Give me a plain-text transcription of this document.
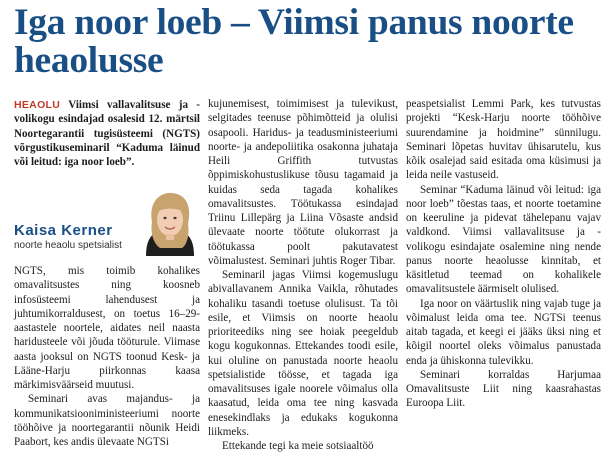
Iga noor loeb – Viimsi panus noorte heaolusse

HEAOLU Viimsi vallavalitsuse ja -volikogu esindajad osalesid 12. märtsil Noortegarantii tugisüsteemi (NGTS) võrgustikuseminaril “Kaduma läinud või leitud: iga noor loeb”.

Kaisa Kerner
noorte heaolu spetsialist

NGTS, mis toimib kohalikes omavalitsustes ning koosneb infosüsteemi lahendusest ja juhtumikorraldusest, on toetus 16–29-aastastele noortele, aidates neil naasta haridusteele või jõuda tööturule. Viimase aasta jooksul on NGTS toonud Kesk- ja Lääne-Harju piirkonnas kaasa märkimisväärseid muutusi.

Seminari avas majandus- ja kommunikatsiooniministeeriumi noorte tööhõive ja noortegarantii nõunik Heidi Paabort, kes andis ülevaate NGTSi

kujunemisest, toimimisest ja tulevikust, selgitades teenuse põhimõtteid ja olulisi osapooli. Haridus- ja teadusministeeriumi noorte- ja andepoliitika osakonna juhataja Heili Griffith tutvustas õppimiskohustuslikuse tõusu tagamaid ja kuidas seda tagada kohalikes omavalitsustes. Töötukassa esindajad Triinu Lillepärg ja Liina Võsaste andsid ülevaate noorte töötute olukorrast ja töötukassa poolt pakutavatest võimalustest. Seminari juhtis Roger Tibar.

Seminaril jagas Viimsi kogemuslugu abivallavanem Annika Vaikla, rõhutades kohaliku tasandi toetuse olulisust. Ta tõi esile, et Viimsis on noorte heaolu prioriteediks ning see hoiak peegeldub kogu kogukonnas. Ettekandes toodi esile, kui oluline on panustada noorte heaolu spetsialistide töösse, et tagada iga omavalitsuses igale noorele võimalus olla kaasatud, leida oma tee ning kasvada enesekindlaks ja edukaks kogukonna liikmeks.

Ettekande tegi ka meie sotsiaaltöö

peaspetsialist Lemmi Park, kes tutvustas projekti “Kesk-Harju noorte tööhõive suurendamine ja hoidmine” sünnilugu. Seminari lõpetas huvitav ühisarutelu, kus kõik osalejad said esitada oma küsimusi ja leida neile vastuseid.

Seminar “Kaduma läinud või leitud: iga noor loeb” tõestas taas, et noorte toetamine on keeruline ja pidevat tähelepanu vajav valdkond. Viimsi vallavalitsuse ja -volikogu esindajate osalemine ning nende panus noorte heaolusse kinnitab, et käsitletud teemad on kohalikele omavalitsustele äärmiselt olulised.

Iga noor on väärtuslik ning vajab tuge ja võimalust leida oma tee. NGTSi teenus aitab tagada, et keegi ei jääks üksi ning et kõigil noortel oleks võimalus panustada enda ja ühiskonna tulevikku.

Seminari korraldas Harjumaa Omavalitsuste Liit ning kaasrahastas Euroopa Liit.
